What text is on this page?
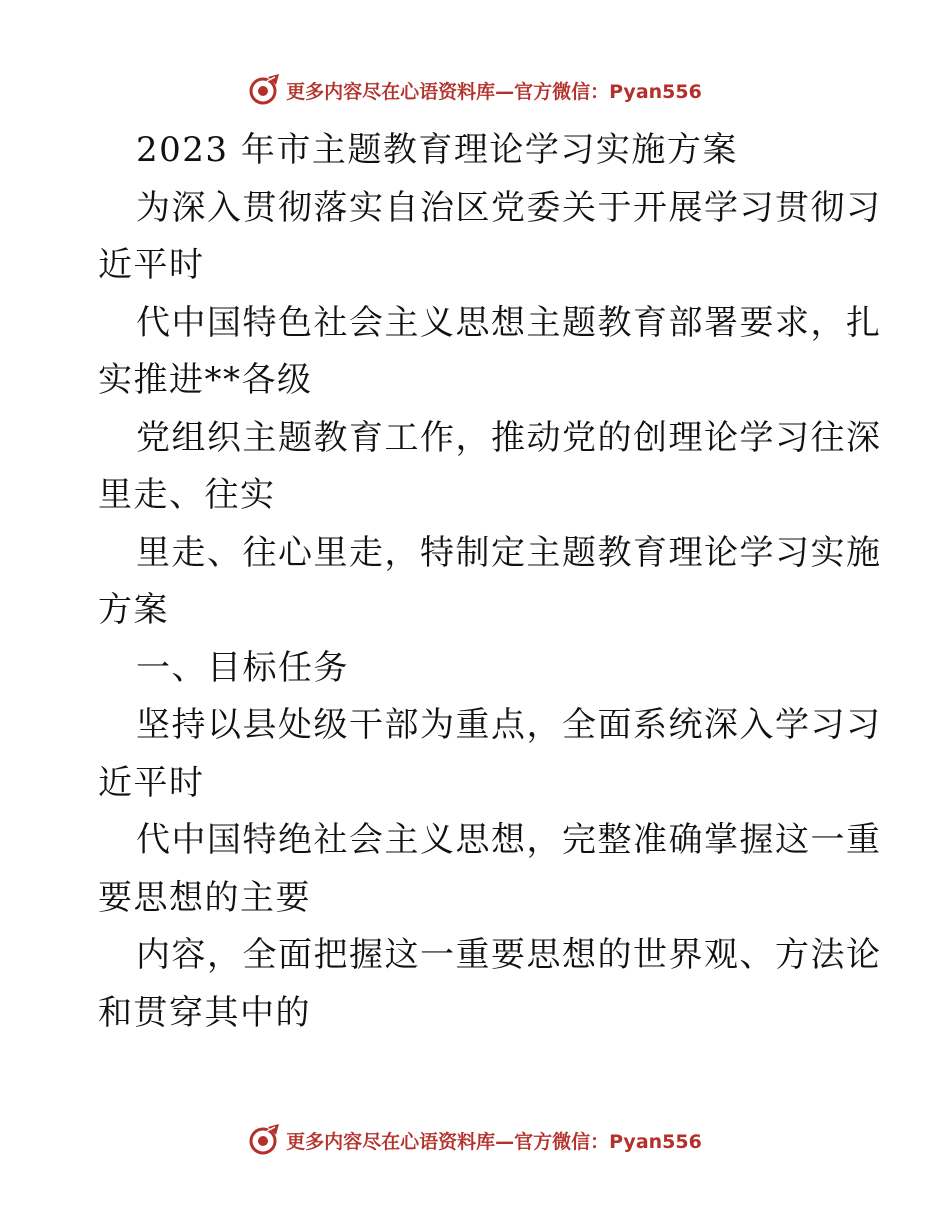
更多内容尽在心语资料库—官方微信：Pyan556
2023 年市主题教育理论学习实施方案
为深入贯彻落实自治区党委关于开展学习贯彻习
近平时
代中国特色社会主义思想主题教育部署要求，扎
实推进**各级
党组织主题教育工作，推动党的创理论学习往深
里走、往实
里走、往心里走，特制定主题教育理论学习实施
方案
一、目标任务
坚持以县处级干部为重点，全面系统深入学习习
近平时
代中国特绝社会主义思想，完整准确掌握这一重
要思想的主要
内容，全面把握这一重要思想的世界观、方法论
和贯穿其中的
更多内容尽在心语资料库—官方微信：Pyan556
